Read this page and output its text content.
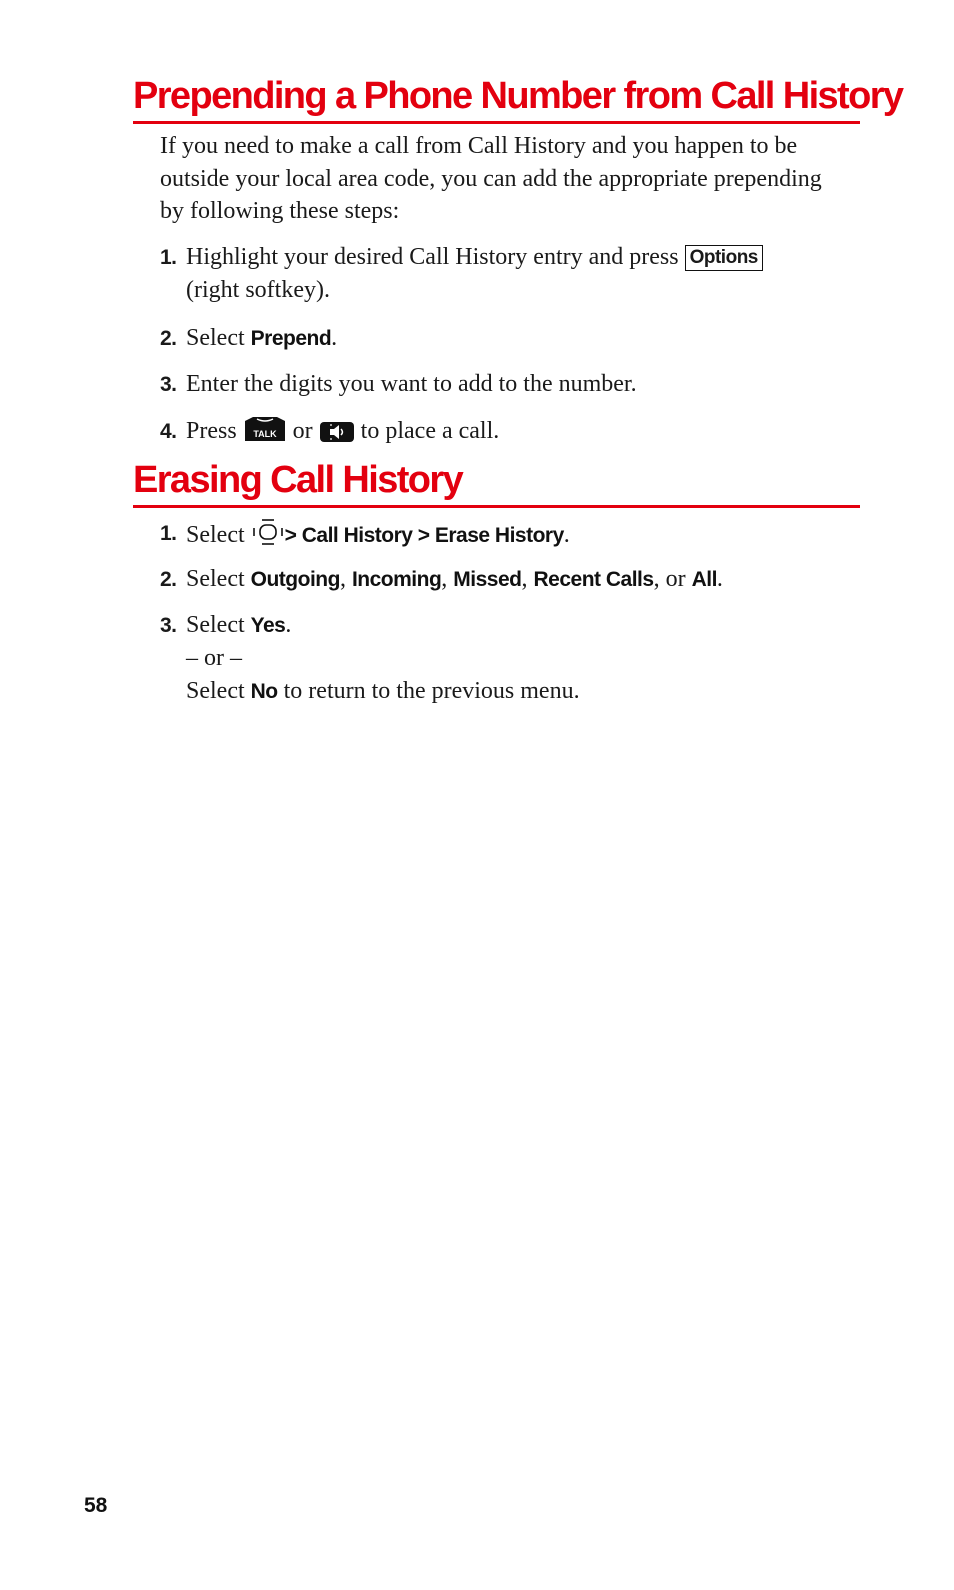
Prepending a Phone Number from Call History

If you need to make a call from Call History and you happen to be outside your local area code, you can add the appropriate prepending by following these steps:

1. Highlight your desired Call History entry and press Options
(right softkey).
2. Select Prepend.
3. Enter the digits you want to add to the number.
4. Press TALK or  to place a call.
Erasing Call History
1. Select > Call History > Erase History.
2. Select Outgoing, Incoming, Missed, Recent Calls, or All.
3. Select Yes.
– or –
Select No to return to the previous menu.
58
